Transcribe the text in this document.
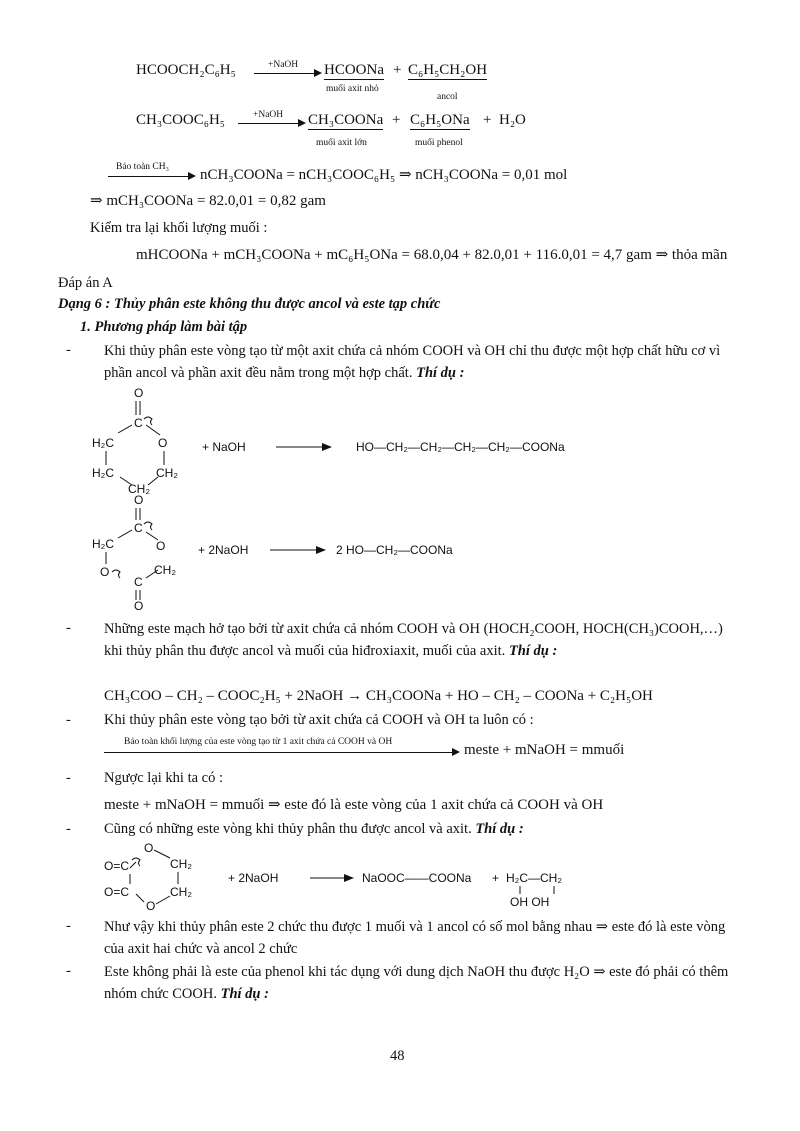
HCOOCH₂C₆H₅	+NaOH HCOONa
muối axit nhỏ
+ C₆H₅CH₂OH
ancol
CH₃COOC₆H₅	+NaOH CH₃COONa
muối axit lớn
+ C₆H₅ONa
muối phenol
+ H₂O
Bảo toàn CH₃ nCH₃COONa = nCH₃COOC₆H₅ ⇒ nCH₃COONa = 0,01 mol
⇒ mCH₃COONa = 82.0,01 = 0,82 gam
Kiểm tra lại khối lượng muối :
mHCOONa + mCH₃COONa + mC₆H₅ONa = 68.0,04 + 82.0,01 + 116.0,01 = 4,7 gam ⇒ thỏa mãn
Đáp án A
Dạng 6 : Thủy phân este không thu được ancol và este tạp chức
1. Phương pháp làm bài tập
- Khi thủy phân este vòng tạo từ một axit chứa cả nhóm COOH và OH chỉ thu được một hợp chất hữu cơ vì phần ancol và phần axit đều nằm trong một hợp chất. Thí dụ :
O
C
O
H₂C
H₂C	CH₂
CH₂
+ NaOH	HO—CH₂—CH₂—CH₂—CH₂—COONa
O
C
O
H₂C
O
C
CH₂
O
+ 2NaOH	2 HO—CH₂—COONa
- Những este mạch hở tạo bởi từ axit chứa cả nhóm COOH và OH (HOCH₂COOH, HOCH(CH₃)COOH,…) khi thủy phân thu được ancol và muối của hiđroxiaxit, muối của axit. Thí dụ :
CH₃COO – CH₂ – COOC₂H₅ + 2NaOH → CH₃COONa + HO – CH₂ – COONa + C₂H₅OH
- Khi thủy phân este vòng tạo bởi từ axit chứa cả COOH và OH ta luôn có :
Bảo toàn khối lượng của este vòng tạo từ 1 axit chứa cả COOH và OH	meste + mNaOH = mmuối
- Ngược lại khi ta có :
meste + mNaOH = mmuối ⇒ este đó là este vòng của 1 axit chứa cả COOH và OH
- Cũng có những este vòng khi thủy phân thu được ancol và axit. Thí dụ :
O
O=C	CH₂
O=C	CH₂
O
+ 2NaOH	NaOOC——COONa + H₂C—CH₂
OH OH
- Như vậy khi thủy phân este 2 chức thu được 1 muối và 1 ancol có số mol bằng nhau ⇒ este đó là este vòng của axit hai chức và ancol 2 chức
- Este không phải là este của phenol khi tác dụng với dung dịch NaOH thu được H₂O ⇒ este đó phải có thêm nhóm chức COOH. Thí dụ :
48
